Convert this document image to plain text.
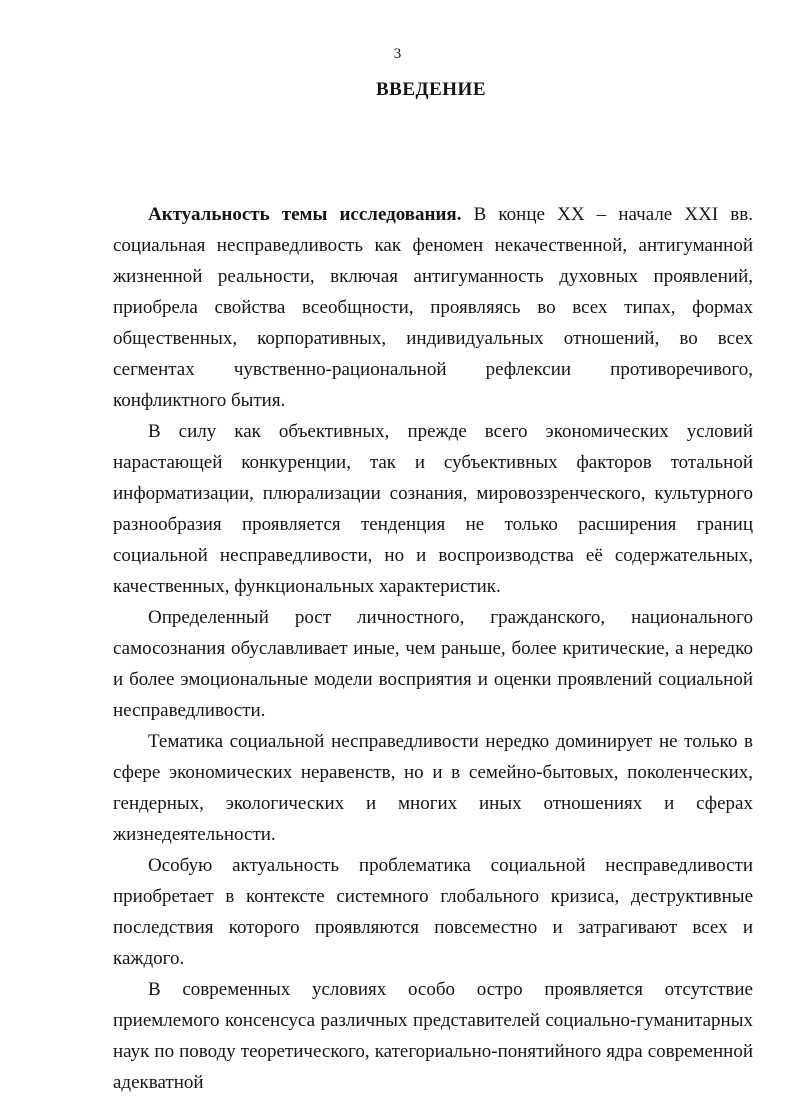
3
ВВЕДЕНИЕ

Актуальность темы исследования. В конце XX – начале XXI вв. социальная несправедливость как феномен некачественной, антигуманной жизненной реальности, включая антигуманность духовных проявлений, приобрела свойства всеобщности, проявляясь во всех типах, формах общественных, корпоративных, индивидуальных отношений, во всех сегментах чувственно-рациональной рефлексии противоречивого, конфликтного бытия.

В силу как объективных, прежде всего экономических условий нарастающей конкуренции, так и субъективных факторов тотальной информатизации, плюрализации сознания, мировоззренческого, культурного разнообразия проявляется тенденция не только расширения границ социальной несправедливости, но и воспроизводства её содержательных, качественных, функциональных характеристик.

Определенный рост личностного, гражданского, национального самосознания обуславливает иные, чем раньше, более критические, а нередко и более эмоциональные модели восприятия и оценки проявлений социальной несправедливости.

Тематика социальной несправедливости нередко доминирует не только в сфере экономических неравенств, но и в семейно-бытовых, поколенческих, гендерных, экологических и многих иных отношениях и сферах жизнедеятельности.

Особую актуальность проблематика социальной несправедливости приобретает в контексте системного глобального кризиса, деструктивные последствия которого проявляются повсеместно и затрагивают всех и каждого.

В современных условиях особо остро проявляется отсутствие приемлемого консенсуса различных представителей социально-гуманитарных наук по поводу теоретического, категориально-понятийного ядра современной адекватной
